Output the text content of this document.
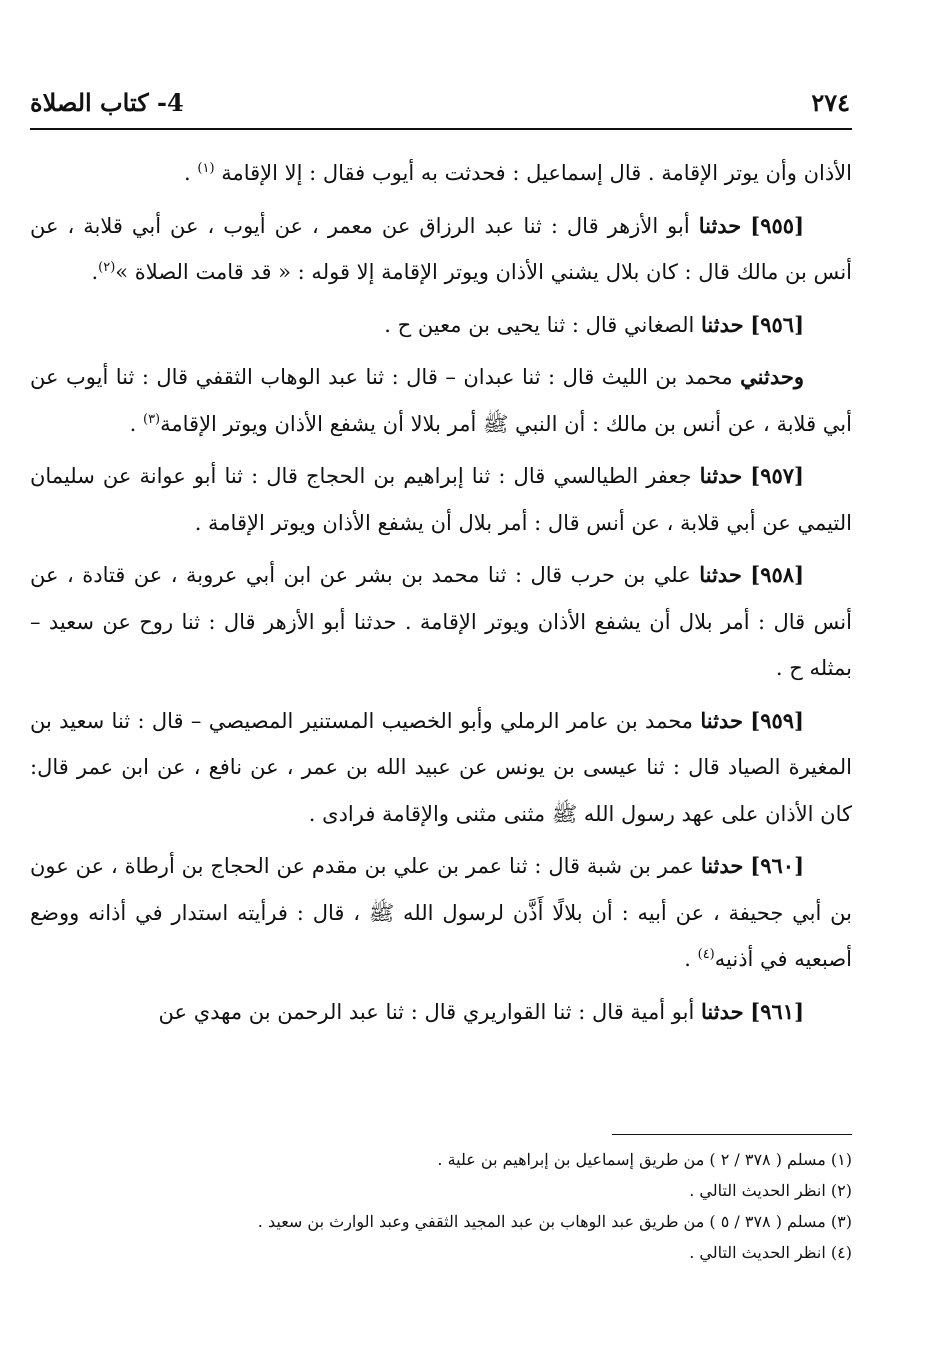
٢٧٤
4- كتاب الصلاة

الأذان وأن يوتر الإقامة . قال إسماعيل : فحدثت به أيوب فقال : إلا الإقامة $^{(١)}$ .

[٩٥٥] حدثنا أبو الأزهر قال : ثنا عبد الرزاق عن معمر ، عن أيوب ، عن أبي قلابة ، عن أنس بن مالك قال : كان بلال يشني الأذان ويوتر الإقامة إلا قوله : « قد قامت الصلاة »$^{(٢)}$.

[٩٥٦] حدثنا الصغاني قال : ثنا يحيى بن معين ح .

وحدثني محمد بن الليث قال : ثنا عبدان – قال : ثنا عبد الوهاب الثقفي قال : ثنا أيوب عن أبي قلابة ، عن أنس بن مالك : أن النبي ﷺ أمر بلالا أن يشفع الأذان ويوتر الإقامة$^{(٣)}$ .

[٩٥٧] حدثنا جعفر الطيالسي قال : ثنا إبراهيم بن الحجاج قال : ثنا أبو عوانة عن سليمان التيمي عن أبي قلابة ، عن أنس قال : أمر بلال أن يشفع الأذان ويوتر الإقامة .

[٩٥٨] حدثنا علي بن حرب قال : ثنا محمد بن بشر عن ابن أبي عروبة ، عن قتادة ، عن أنس قال : أمر بلال أن يشفع الأذان ويوتر الإقامة . حدثنا أبو الأزهر قال : ثنا روح عن سعيد – بمثله ح .

[٩٥٩] حدثنا محمد بن عامر الرملي وأبو الخصيب المستنير المصيصي – قال : ثنا سعيد بن المغيرة الصياد قال : ثنا عيسى بن يونس عن عبيد الله بن عمر ، عن نافع ، عن ابن عمر قال: كان الأذان على عهد رسول الله ﷺ مثنى مثنى والإقامة فرادى .

[٩٦٠] حدثنا عمر بن شبة قال : ثنا عمر بن علي بن مقدم عن الحجاج بن أرطاة ، عن عون بن أبي جحيفة ، عن أبيه : أن بلالًا أَذَّن لرسول الله ﷺ ، قال : فرأيته استدار في أذانه ووضع أصبعيه في أذنيه$^{(٤)}$ .

[٩٦١] حدثنا أبو أمية قال : ثنا القواريري قال : ثنا عبد الرحمن بن مهدي عن

(١) مسلم ( ٣٧٨ / ٢ ) من طريق إسماعيل بن إبراهيم بن علية .

(٢) انظر الحديث التالي .

(٣) مسلم ( ٣٧٨ / ٥ ) من طريق عبد الوهاب بن عبد المجيد الثقفي وعبد الوارث بن سعيد .

(٤) انظر الحديث التالي .
